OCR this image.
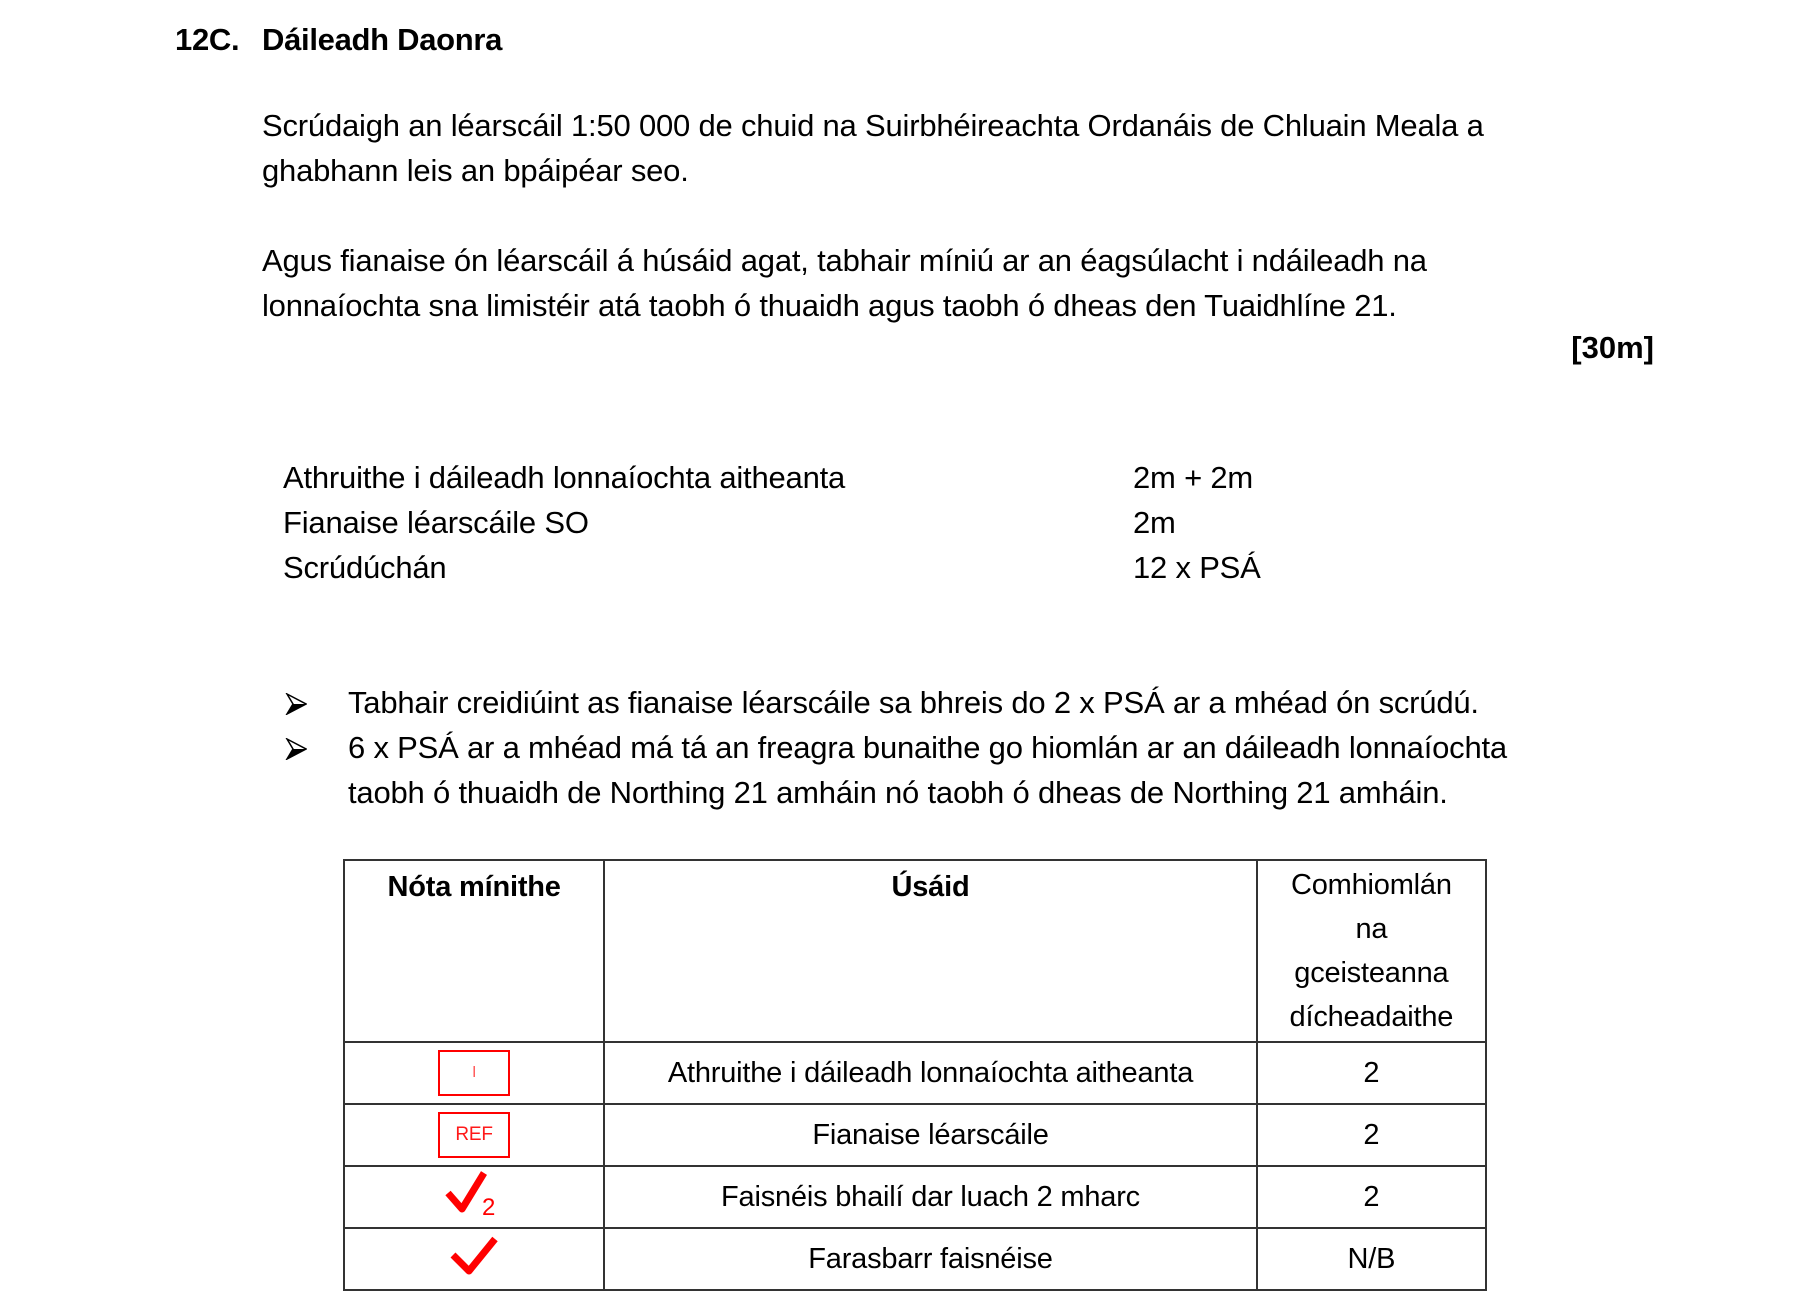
12C. Dáileadh Daonra
Scrúdaigh an léarscáil 1:50 000 de chuid na Suirbhéireachta Ordanáis de Chluain Meala a
ghabhann leis an bpáipéar seo.
Agus fianaise ón léarscáil á húsáid agat, tabhair míniú ar an éagsúlacht i ndáileadh na
lonnaíochta sna limistéir atá taobh ó thuaidh agus taobh ó dheas den Tuaidhlíne 21.
[30m]
Athruithe i dáileadh lonnaíochta aitheanta	2m + 2m
Fianaise léarscáile SO	2m
Scrúdúchán	12 x PSÁ
Tabhair creidiúint as fianaise léarscáile sa bhreis do 2 x PSÁ ar a mhéad ón scrúdú.
6 x PSÁ ar a mhéad má tá an freagra bunaithe go hiomlán ar an dáileadh lonnaíochta
taobh ó thuaidh de Northing 21 amháin nó taobh ó dheas de Northing 21 amháin.
Nóta mínithe	Úsáid	Comhiomlán
na
gceisteanna
dícheadaithe

I	Athruithe i dáileadh lonnaíochta aitheanta	2
REF	Fianaise léarscáile	2

2	Faisnéis bhailí dar luach 2 mharc	2
	Farasbarr faisnéise	N/B
